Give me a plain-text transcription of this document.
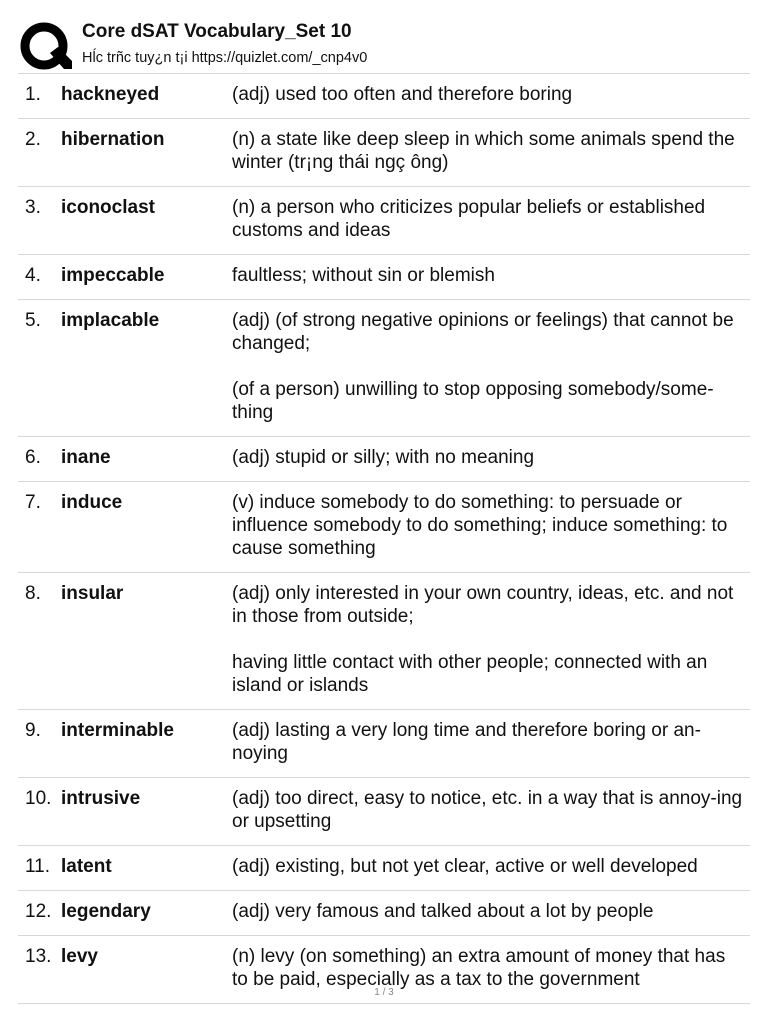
Q	Core dSAT Vocabulary_Set 10
Hĺc trñc tuy¿n t¡i https://quizlet.com/_cnp4v0
1.	hackneyed	(adj) used too often and therefore boring

2.	hibernation	(n) a state like deep sleep in which some animals spend the winter (tr¡ng thái ngç ông)

3.	iconoclast	(n) a person who criticizes popular beliefs or established customs and ideas

4.	impeccable	faultless; without sin or blemish

5.	implacable	(adj) (of strong negative opinions or feelings) that cannot be changed;

(of a person) unwilling to stop opposing somebody/some-thing

6.	inane	(adj) stupid or silly; with no meaning

7.	induce	(v) induce somebody to do something: to persuade or influence somebody to do something; induce something: to cause something

8.	insular	(adj) only interested in your own country, ideas, etc. and not in those from outside;

having little contact with other people; connected with an island or islands

9.	interminable	(adj) lasting a very long time and therefore boring or an-noying

10. intrusive	(adj) too direct, easy to notice, etc. in a way that is annoy-ing or upsetting

11. latent	(adj) existing, but not yet clear, active or well developed

12. legendary	(adj) very famous and talked about a lot by people

13. levy	(n) levy (on something) an extra amount of money that has to be paid, especially as a tax to the government

1 / 3
